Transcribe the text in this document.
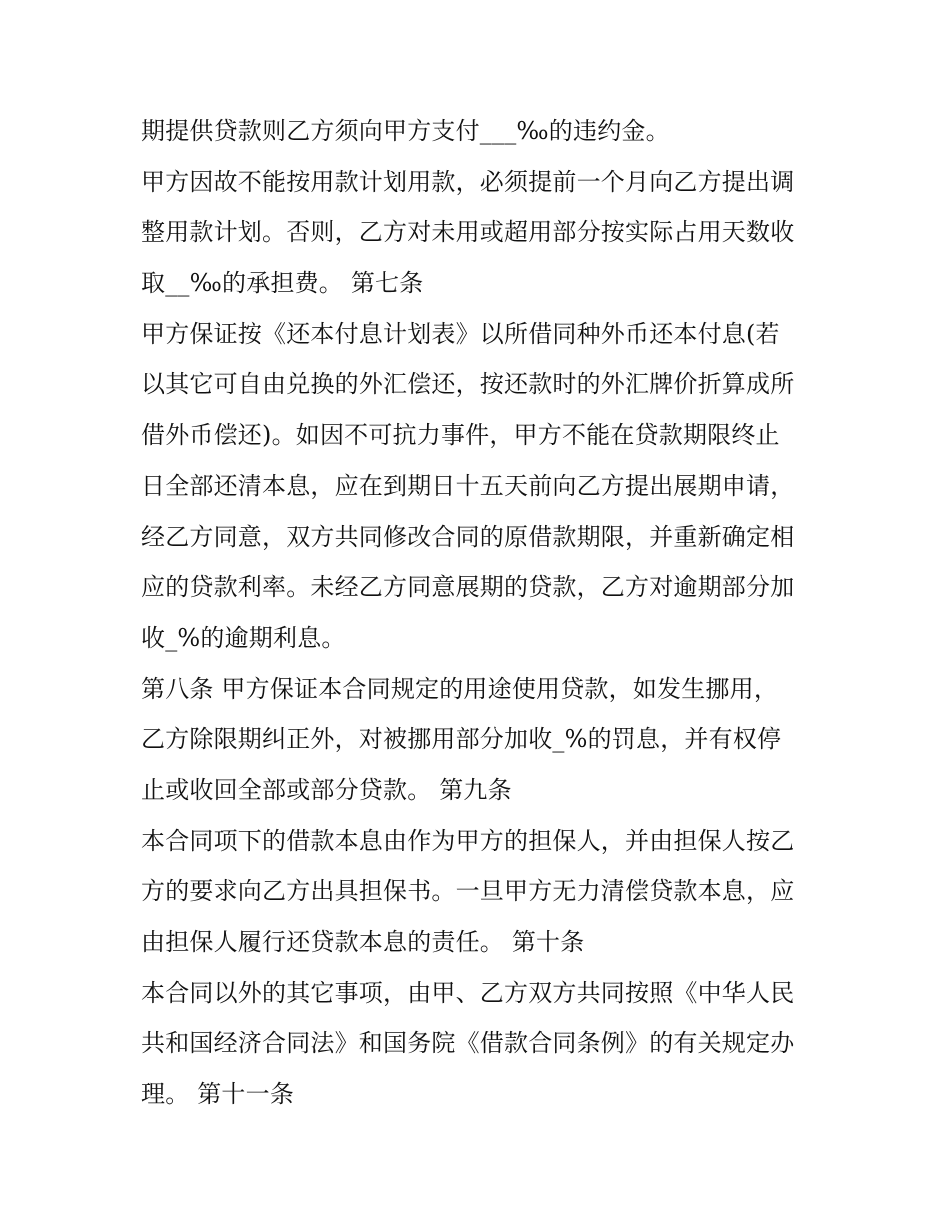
期提供贷款则乙方须向甲方支付___‰的违约金。
甲方因故不能按用款计划用款，必须提前一个月向乙方提出调
整用款计划。否则，乙方对未用或超用部分按实际占用天数收
取__‰的承担费。 第七条
甲方保证按《还本付息计划表》以所借同种外币还本付息(若
以其它可自由兑换的外汇偿还，按还款时的外汇牌价折算成所
借外币偿还)。如因不可抗力事件，甲方不能在贷款期限终止
日全部还清本息，应在到期日十五天前向乙方提出展期申请，
经乙方同意，双方共同修改合同的原借款期限，并重新确定相
应的贷款利率。未经乙方同意展期的贷款，乙方对逾期部分加
收_%的逾期利息。
第八条 甲方保证本合同规定的用途使用贷款，如发生挪用，
乙方除限期纠正外，对被挪用部分加收_%的罚息，并有权停
止或收回全部或部分贷款。 第九条
本合同项下的借款本息由作为甲方的担保人，并由担保人按乙
方的要求向乙方出具担保书。一旦甲方无力清偿贷款本息，应
由担保人履行还贷款本息的责任。 第十条
本合同以外的其它事项，由甲、乙方双方共同按照《中华人民
共和国经济合同法》和国务院《借款合同条例》的有关规定办
理。 第十一条
